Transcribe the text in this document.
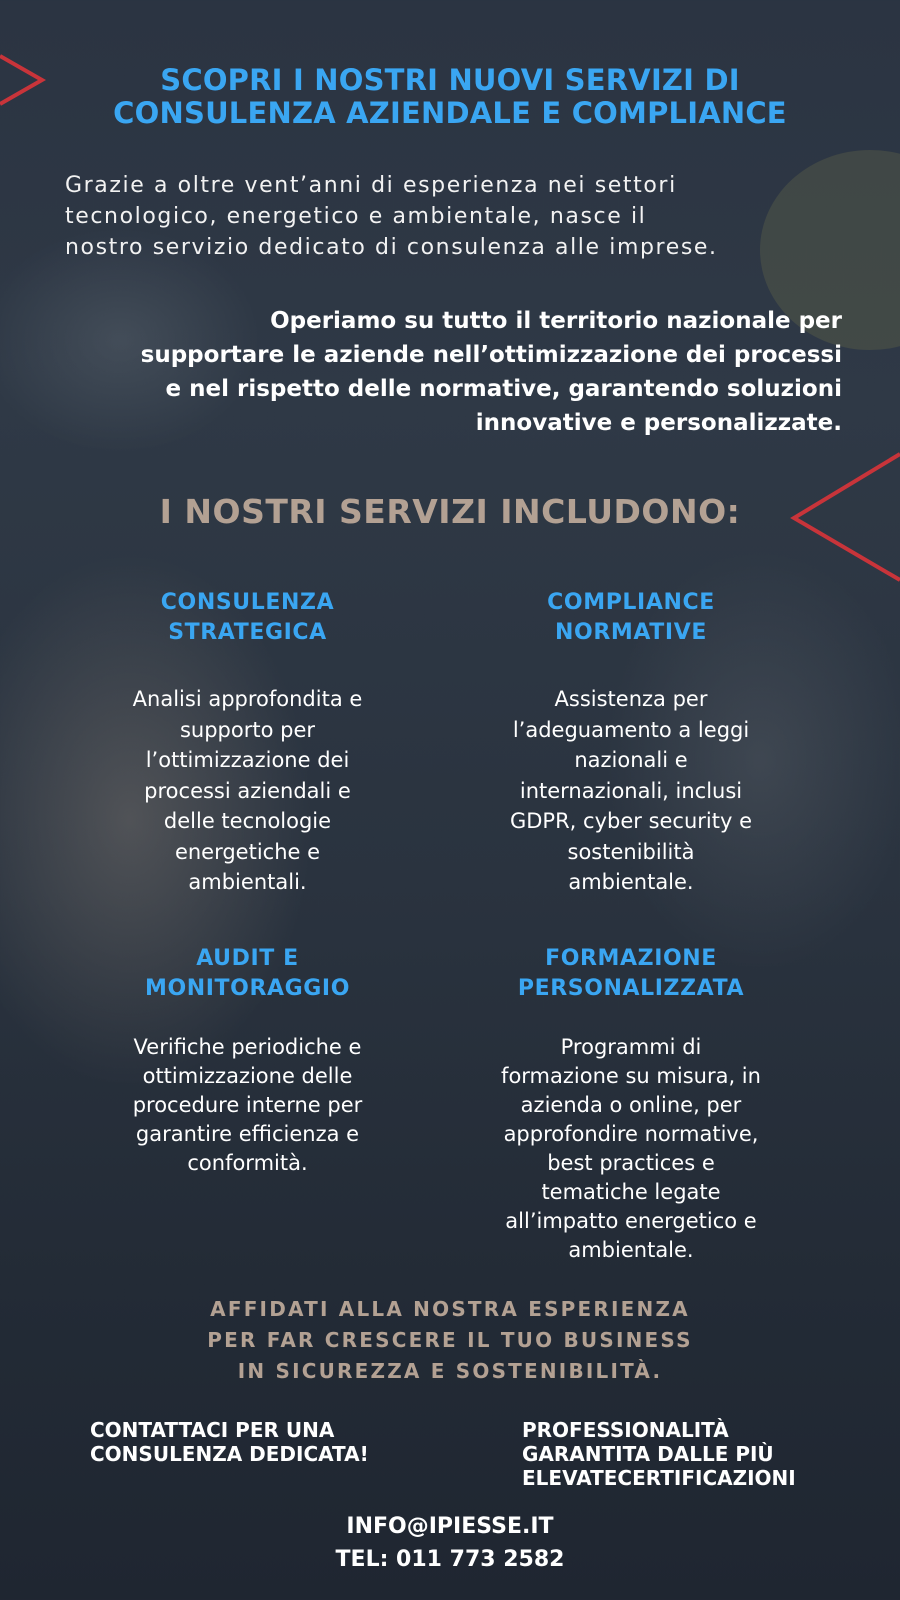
SCOPRI I NOSTRI NUOVI SERVIZI DI
CONSULENZA AZIENDALE E COMPLIANCE

Grazie a oltre vent’anni di esperienza nei settori
tecnologico, energetico e ambientale, nasce il
nostro servizio dedicato di consulenza alle imprese.

Operiamo su tutto il territorio nazionale per
supportare le aziende nell’ottimizzazione dei processi
e nel rispetto delle normative, garantendo soluzioni
innovative e personalizzate.

I NOSTRI SERVIZI INCLUDONO:
CONSULENZA
STRATEGICA

Analisi approfondita e
supporto per
l’ottimizzazione dei
processi aziendali e
delle tecnologie
energetiche e
ambientali.

COMPLIANCE
NORMATIVE

Assistenza per
l’adeguamento a leggi
nazionali e
internazionali, inclusi
GDPR, cyber security e
sostenibilità
ambientale.

AUDIT E
MONITORAGGIO

Verifiche periodiche e
ottimizzazione delle
procedure interne per
garantire efficienza e
conformità.

FORMAZIONE
PERSONALIZZATA

Programmi di
formazione su misura, in
azienda o online, per
approfondire normative,
best practices e
tematiche legate
all’impatto energetico e
ambientale.

AFFIDATI ALLA NOSTRA ESPERIENZA
PER FAR CRESCERE IL TUO BUSINESS
IN SICUREZZA E SOSTENIBILITÀ.

CONTATTACI PER UNA
CONSULENZA DEDICATA!

PROFESSIONALITÀ
GARANTITA DALLE PIÙ
ELEVATECERTIFICAZIONI

INFO@IPIESSE.IT
TEL: 011 773 2582
